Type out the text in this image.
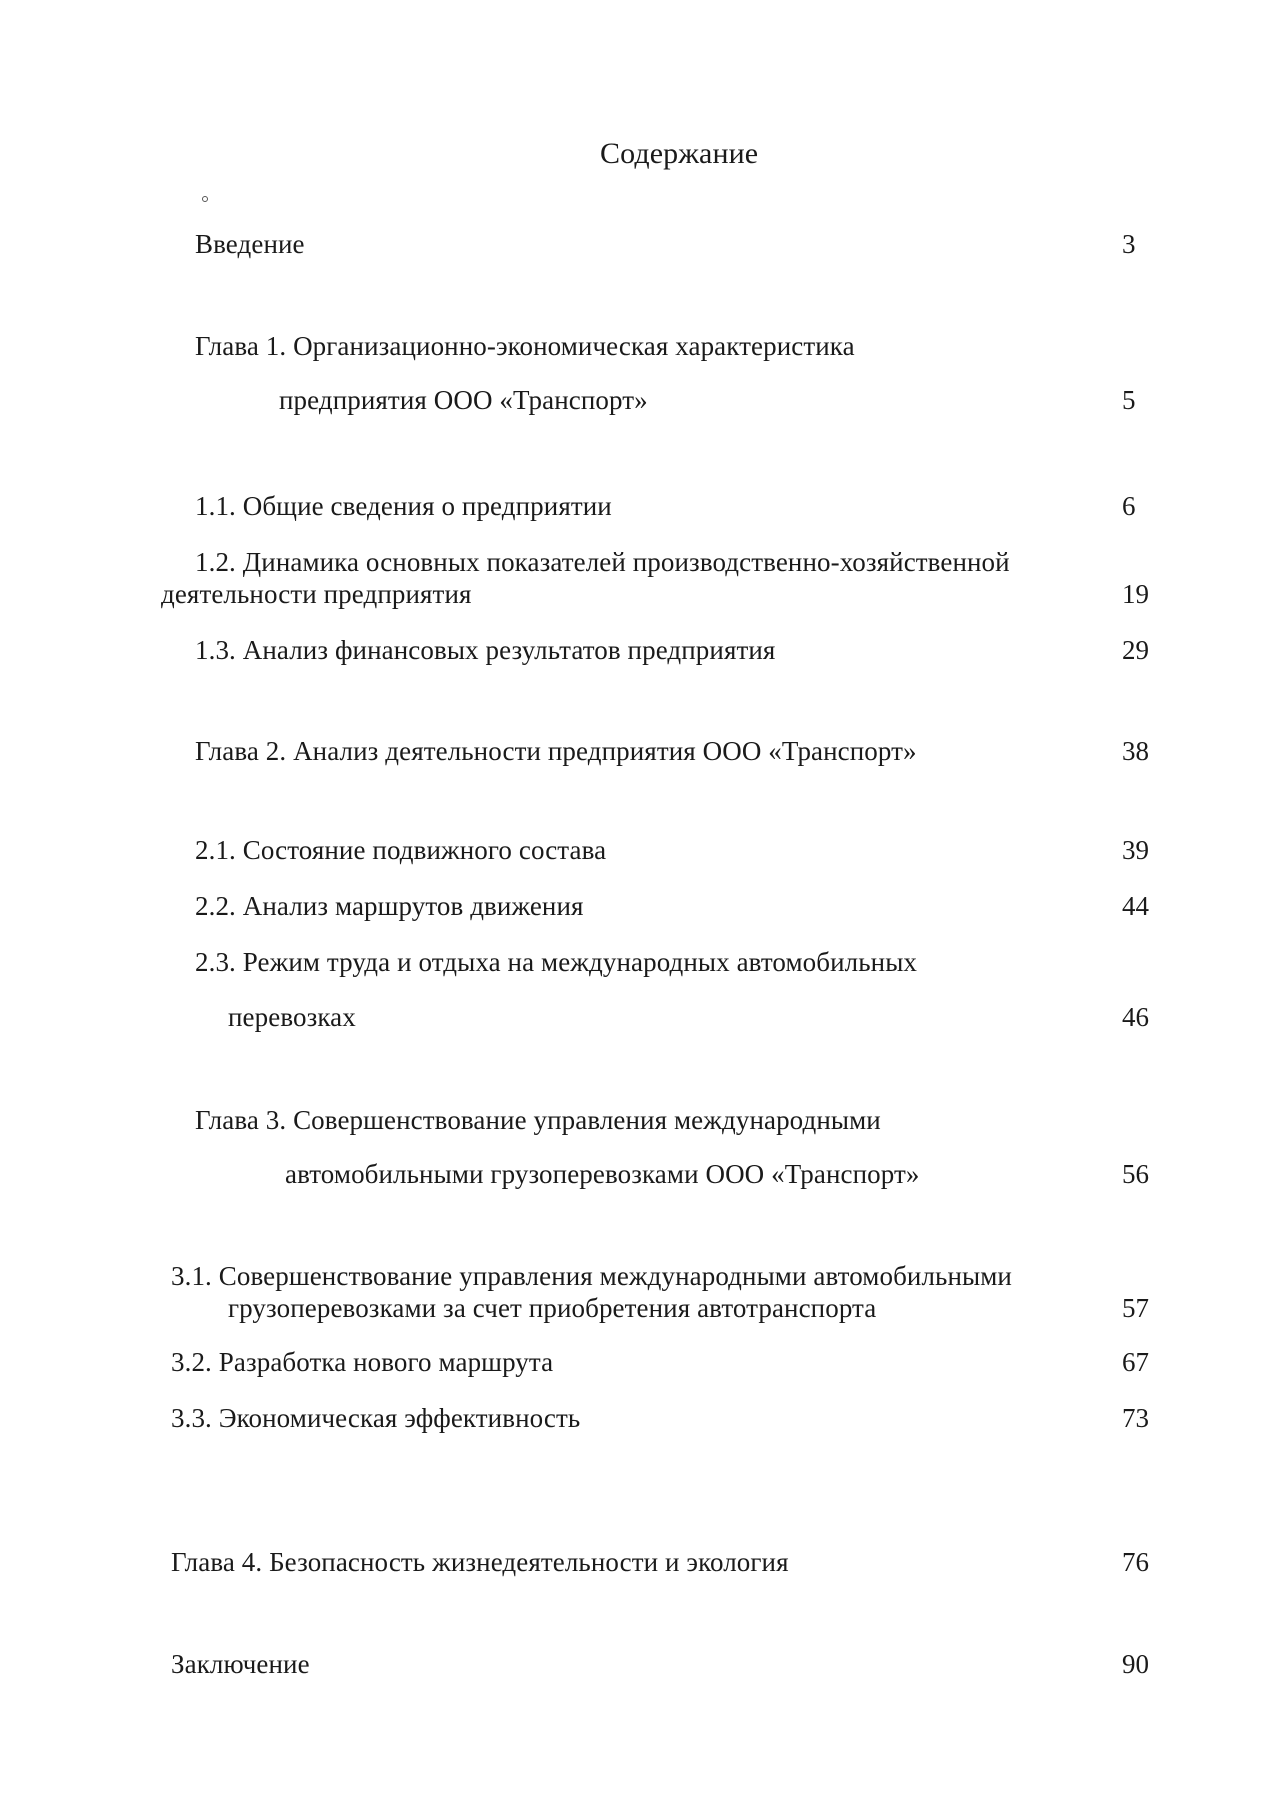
Содержание
Введение	3
Глава 1. Организационно-экономическая характеристика
предприятия ООО «Транспорт»	5
1.1. Общие сведения о предприятии	6
1.2. Динамика основных показателей производственно-хозяйственной
деятельности предприятия	19
1.3. Анализ финансовых результатов предприятия	29
Глава 2. Анализ деятельности предприятия ООО «Транспорт»	38
2.1. Состояние подвижного состава	39
2.2. Анализ маршрутов движения	44
2.3. Режим труда и отдыха на международных автомобильных
перевозках	46
Глава 3. Совершенствование управления международными
автомобильными грузоперевозками ООО «Транспорт»	56
3.1. Совершенствование управления международными автомобильными
грузоперевозками за счет приобретения автотранспорта	57
3.2. Разработка нового маршрута	67
3.3. Экономическая эффективность	73
Глава 4. Безопасность жизнедеятельности и экология	76
Заключение	90
